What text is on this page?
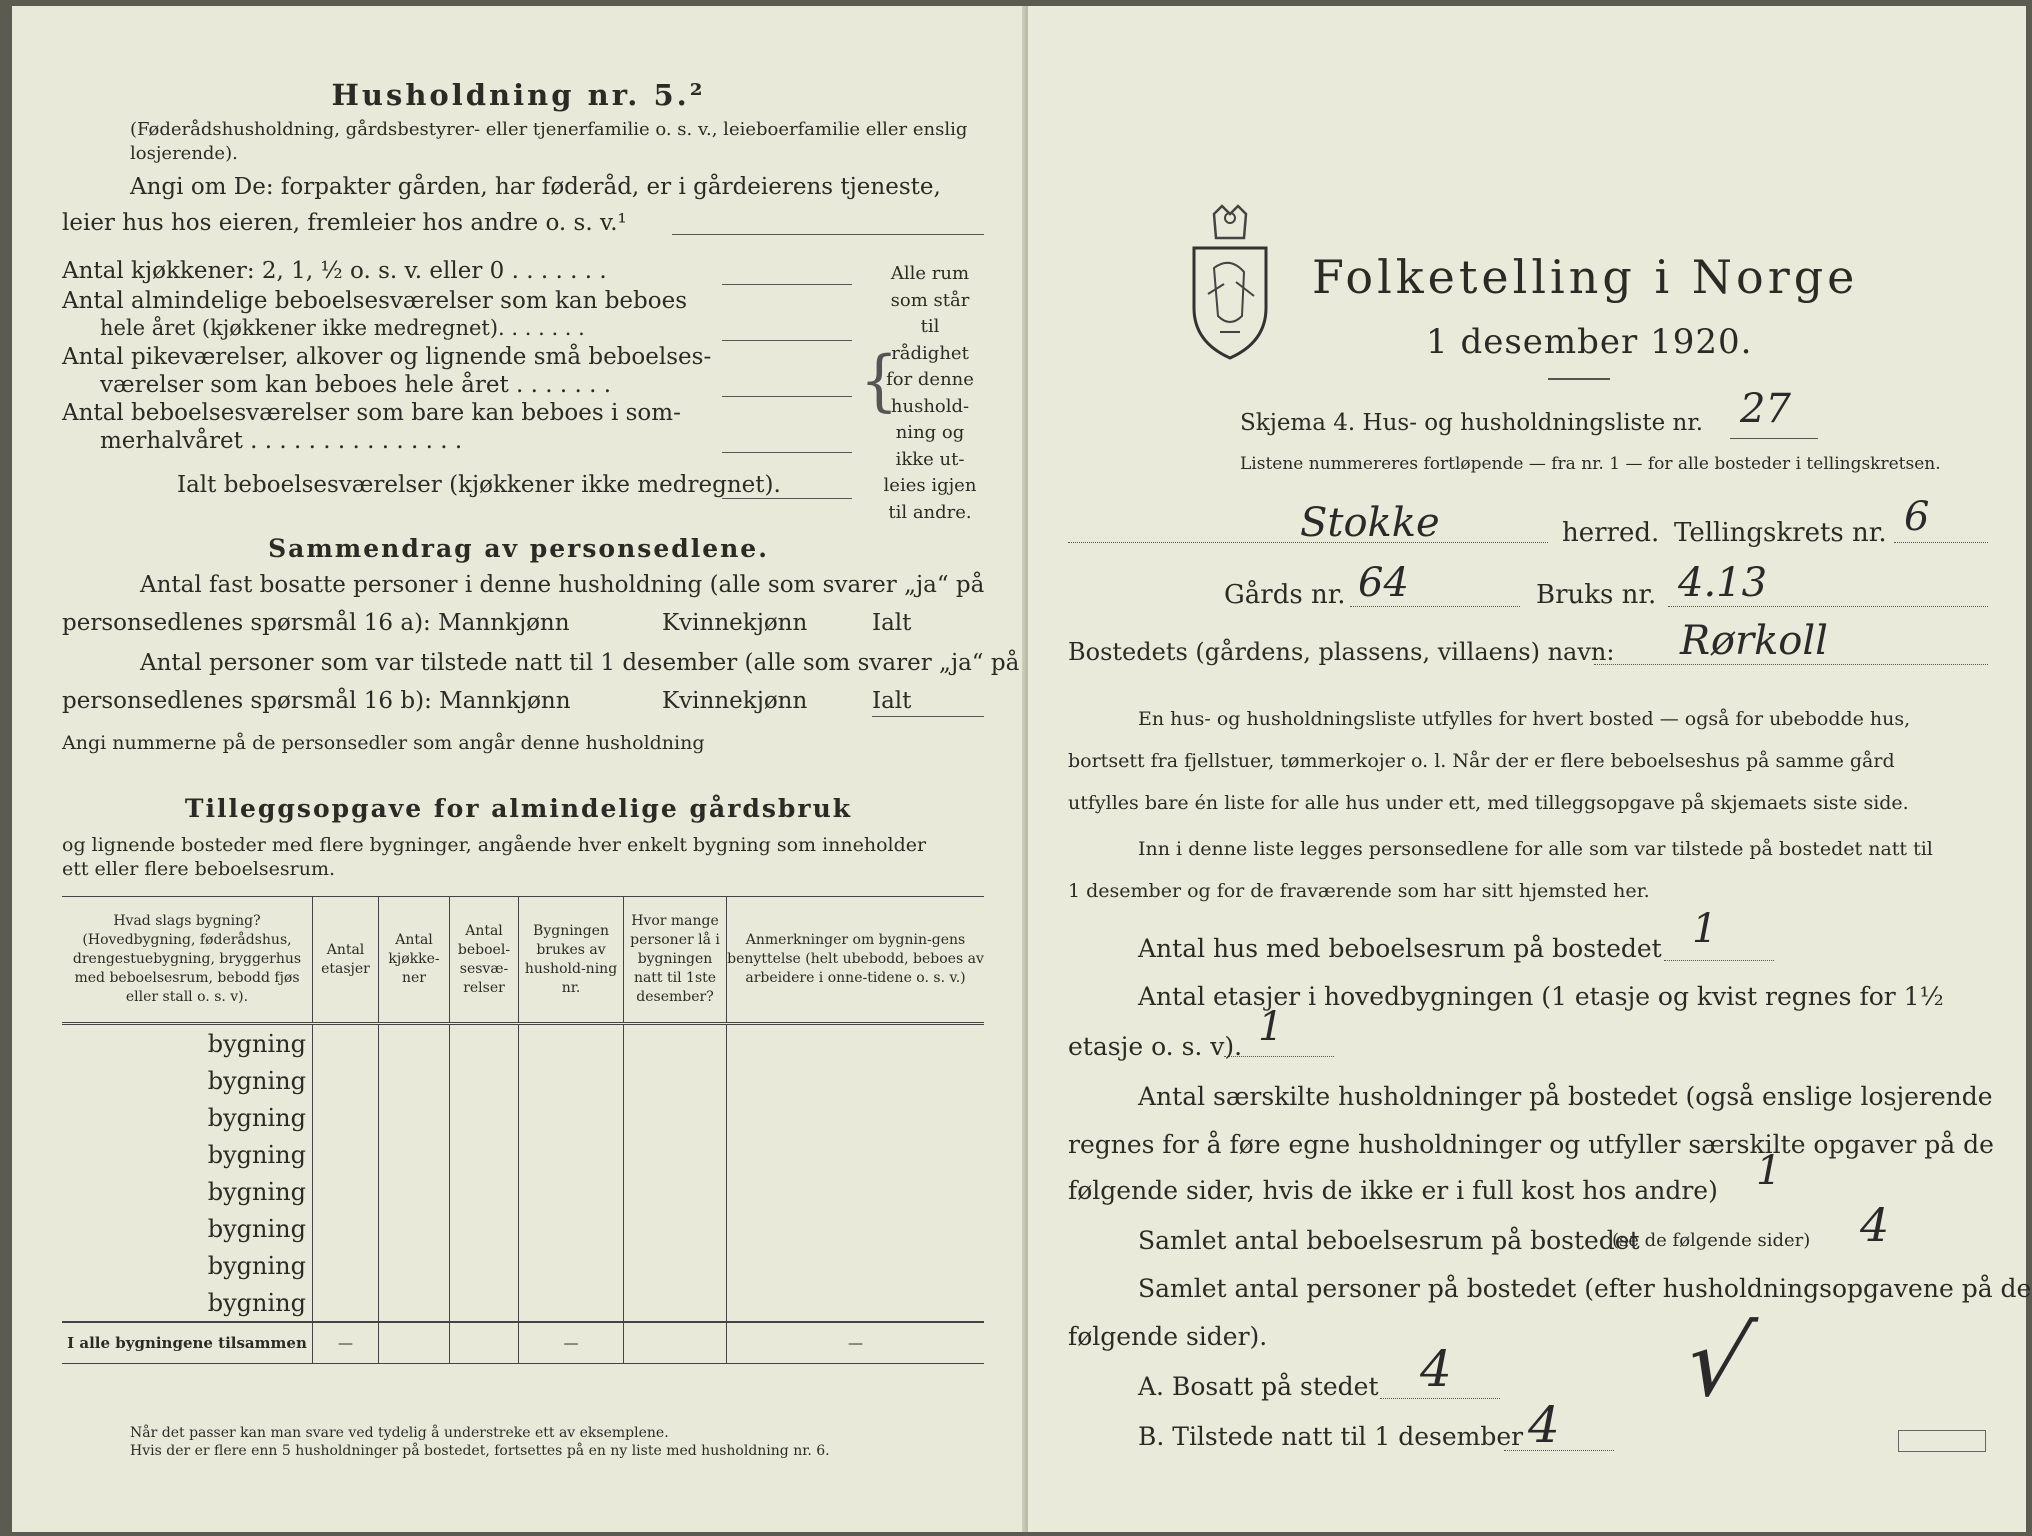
Husholdning nr. 5.²
(Føderådshusholdning, gårdsbestyrer- eller tjenerfamilie o. s. v., leieboerfamilie eller enslig losjerende).
Angi om De: forpakter gården, har føderåd, er i gårdeierens tjeneste,
leier hus hos eieren, fremleier hos andre o. s. v.¹
Antal kjøkkener: 2, 1, ½ o. s. v. eller 0 . . . . . . .
Antal almindelige beboelsesværelser som kan beboes
hele året (kjøkkener ikke medregnet). . . . . . .
Antal pikeværelser, alkover og lignende små beboelses-
værelser som kan beboes hele året . . . . . . .
Antal beboelsesværelser som bare kan beboes i som-
merhalvåret . . . . . . . . . . . . . . .
Ialt beboelsesværelser (kjøkkener ikke medregnet).
{
Alle rum
som står til
rådighet
for denne
hushold-
ning og
ikke ut-
leies igjen
til andre.
Sammendrag av personsedlene.
Antal fast bosatte personer i denne husholdning (alle som svarer „ja“ på
personsedlenes spørsmål 16 a): Mannkjønn	Kvinnekjønn	Ialt
Antal personer som var tilstede natt til 1 desember (alle som svarer „ja“ på
personsedlenes spørsmål 16 b): Mannkjønn	Kvinnekjønn	Ialt
Angi nummerne på de personsedler som angår denne husholdning
Tilleggsopgave for almindelige gårdsbruk
og lignende bosteder med flere bygninger, angående hver enkelt bygning som inneholder
ett eller flere beboelsesrum.
Hvad slags bygning?
(Hovedbygning, føderådshus, drengestuebygning, bryggerhus med beboelsesrum, bebodd fjøs eller stall o. s. v).	Antal etasjer	Antal kjøkke-ner	Antal beboel-sesvæ-relser	Bygningen brukes av hushold-ning nr.	Hvor mange personer lå i bygningen natt til 1ste desember?	Anmerkninger om bygnin-gens benyttelse (helt ubebodd, beboes av arbeidere i onne-tidene o. s. v.)
bygning						
bygning						
bygning						
bygning						
bygning						
bygning						
bygning						
bygning						
I alle bygningene tilsammen	—			—		—
Når det passer kan man svare ved tydelig å understreke ett av eksemplene.
Hvis der er flere enn 5 husholdninger på bostedet, fortsettes på en ny liste med husholdning nr. 6.
Folketelling i Norge
1 desember 1920.
Skjema 4. Hus- og husholdningsliste nr. 27
Listene nummereres fortløpende — fra nr. 1 — for alle bosteder i tellingskretsen.
Stokke	herred. Tellingskrets nr. 6
Gårds nr. 64	Bruks nr. 4.13
Bostedets (gårdens, plassens, villaens) navn: Rørkoll
En hus- og husholdningsliste utfylles for hvert bosted — også for ubebodde hus,
bortsett fra fjellstuer, tømmerkojer o. l. Når der er flere beboelseshus på samme gård
utfylles bare én liste for alle hus under ett, med tilleggsopgave på skjemaets siste side.
Inn i denne liste legges personsedlene for alle som var tilstede på bostedet natt til
1 desember og for de fraværende som har sitt hjemsted her.
Antal hus med beboelsesrum på bostedet 1
Antal etasjer i hovedbygningen (1 etasje og kvist regnes for 1½
etasje o. s. v). 1
Antal særskilte husholdninger på bostedet (også enslige losjerende
regnes for å føre egne husholdninger og utfyller særskilte opgaver på de
følgende sider, hvis de ikke er i full kost hos andre) 1
Samlet antal beboelsesrum på bostedet
(se de følgende sider) 4
Samlet antal personer på bostedet (efter husholdningsopgavene på de
følgende sider).
A. Bosatt på stedet 4
B. Tilstede natt til 1 desember 4
√
